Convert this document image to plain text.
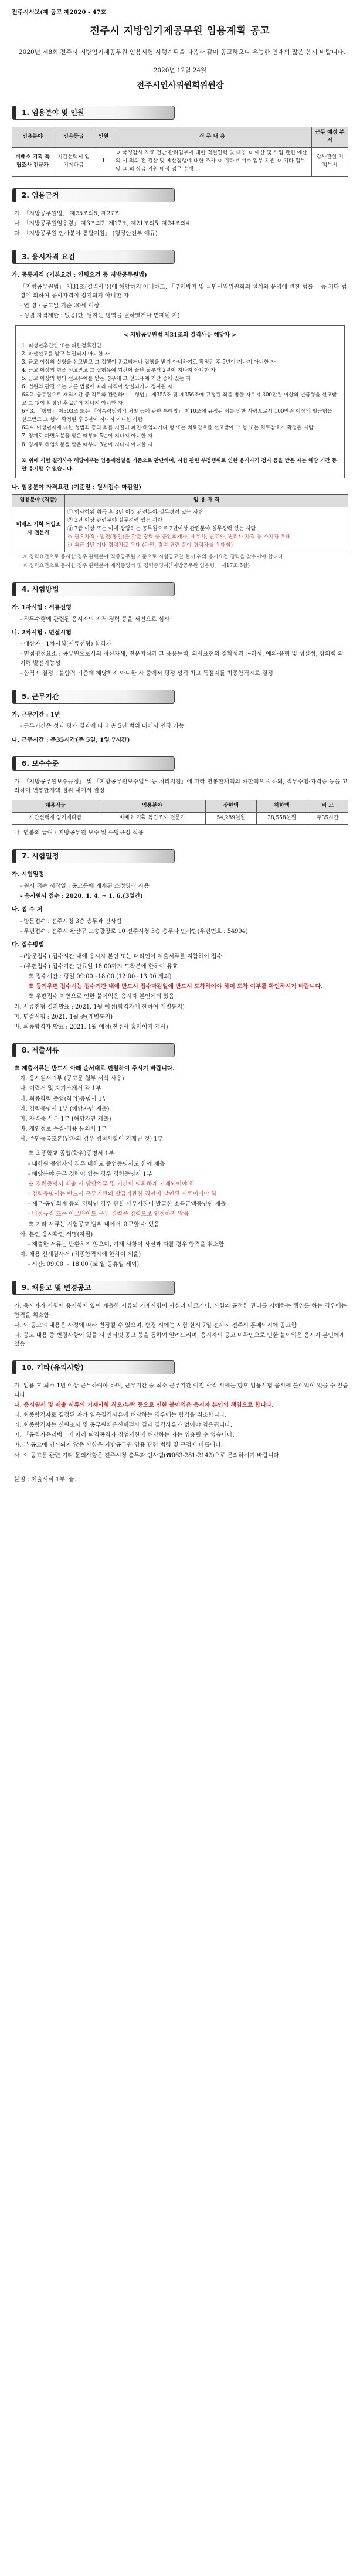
전주시시보(제 공고 제2020 - 47호
전주시 지방임기제공무원 임용계획 공고
2020년 제8회 전주시 지방임기제공무원 임용시험 시행계획을 다음과 같이 공고하오니 유능한 인재의 많은 응시 바랍니다.
2020년 12월 24일
전주시인사위원회위원장
1. 임용분야 및 인원
임용분야	임용등급	인원	직 무 내 용	근무 예정 부서
비배소 기획 독립조사 전문가	시간선택제 임기제다급	1	ㅇ 국정감사 자료 전반 관리업무에 대한 적절인력 및 대응 ㅇ 예산 및 사업 관련 예산의 시·의회 전 결산 및 예산집행에 대한 조사 ㅇ 기타 비배소 업무 지원 ㅇ 기타 업무 및 그 외 상급 지원 배정 업무 수행	감사관실 기획부서
2. 임용근거
가. 「지방공무원법」 제25조의5, 제27조
나. 「지방공무원임용령」 제3조의2, 제17조, 제21조의5, 제24조의4
다. 「지방공무원 인사분야 통합지침」 (행정안전부 예규)
3. 응시자격 요건
가. 공통자격 (기본요건 : 연령요건 등 지방공무원법)
「지방공무원법」 제31조(결격사유)에 해당하지 아니하고, 「부패방지 및 국민권익위원회의 설치와 운영에 관한 법률」 등 기타 법령에 의하여 응시자격이 정지되지 아니한 자
- 연 령 : 공고일 기준 20세 이상
- 성별 자격제한 : 없음(단, 남자는 병역을 필하였거나 면제된 자)
< 지방공무원법 제31조의 결격사유 해당자 >
1. 피성년후견인 또는 피한정후견인
2. 파산선고를 받고 복권되지 아니한 자
3. 금고 이상의 실형을 선고받고 그 집행이 종료되거나 집행을 받지 아니하기로 확정된 후 5년이 지나지 아니한 자
4. 금고 이상의 형을 선고받고 그 집행유예 기간이 끝난 날부터 2년이 지나지 아니한 자
5. 금고 이상의 형의 선고유예를 받은 경우에 그 선고유예 기간 중에 있는 자
6. 법원의 판결 또는 다른 법률에 따라 자격이 상실되거나 정지된 자
6의2. 공무원으로 재직기간 중 직무와 관련하여 「형법」 제355조 및 제356조에 규정된 죄를 범한 자로서 300만원 이상의 벌금형을 선고받고 그 형이 확정된 후 2년이 지나지 아니한 자
6의3. 「형법」 제303조 또는 「성폭력범죄의 처벌 등에 관한 특례법」 제10조에 규정된 죄를 범한 사람으로서 100만원 이상의 벌금형을 선고받고 그 형이 확정된 후 3년이 지나지 아니한 사람
6의4. 미성년자에 대한 성범죄 등의 죄를 저질러 파면·해임되거나 형 또는 치료감호를 선고받아 그 형 또는 치료감호가 확정된 사람
7. 징계로 파면처분을 받은 때부터 5년이 지나지 아니한 자
8. 징계로 해임처분을 받은 때부터 3년이 지나지 아니한 자
※ 위에 시험 결격사유 해당여부는 임용예정일을 기준으로 판단하며, 시험 관련 부정행위로 인한 응시자격 정지 등을 받은 자는 해당 기간 동안 응시할 수 없습니다.
나. 임용분야 자격요건 (기준일 : 원서접수 마감일)
임용분야 (직급)	임 용 자 격
비배소 기획 독립조사 전문가	① 학사학위 취득 후 3년 이상 관련분야 실무경력 있는 사람
② 3년 이상 관련분야 실무경력 있는 사람
③ 7급 이상 또는 이에 상당하는 공무원으로 2년이상 관련분야 실무경력 있는 사람
※ 필요자격 : 법인(동일)을 갖춘 경력 중 공인회계사, 세무사, 변호사, 변리사 자격 등 소지자 우대
※ 최근 4년 이내 경력자로 우대 (다만, 경력 관련 분야 경력자를 우대함)
※ 경력요건으로 응시할 경우 관련분야 직종공무원 기준으로 시험공고일 현재 위의 응시요건 경력을 갖추어야 합니다.
※ 경력요건으로 응시한 경우 관련분야 재직증명서 및 경력증명서(「지방공무원 임용령」 제17조 5항)
4. 시험방법
가. 1차시험 : 서류전형
- 직무수행에 관련된 응시자의 자격·경력 등을 서면으로 심사
나. 2차시험 : 면접시험
- 대상자 : 1차시험(서류전형) 합격자
- 면접평정요소 : 공무원으로서의 정신자세, 전문지식과 그 응용능력, 의사표현의 정확성과 논리성, 예의·품행 및 성실성, 창의력·의지력·발전가능성
- 합격자 결정 : 불합격 기준에 해당하지 아니한 자 중에서 평정 성적 최고 득점자를 최종합격자로 결정
5. 근무기간
가. 근무기간 : 1년
- 근무기간은 성과 평가 결과에 따라 총 5년 범위 내에서 연장 가능
나. 근무시간 : 주35시간(주 5일, 1일 7시간)
6. 보수수준
가. 「지방공무원보수규정」 및 「지방공무원보수업무 등 처리지침」에 따라 연봉한계액의 하한액으로 하되, 직무수행·자격증 등을 고려하여 연봉한계액 범위 내에서 결정
채용직급	임용분야	상한액	하한액	비 고
시간선택제 임기제다급	비배소 기획 독립조사 전문가	54,289천원	38,558천원	주35시간
나. 연봉외 급여 : 지방공무원 보수 및 수당규정 적용
7. 시험일정
가. 시험일정
- 원서 접수 시작일 : 공고문에 게재된 소정양식 사용
- 응시원서 접수 : 2020. 1. 4. ~ 1. 6.(3일간)
나. 접 수 처
- 방문접수 : 전주시청 3층 총무과 인사팀
- 우편접수 : 전주시 완산구 노송광장로 10 전주시청 3층 총무과 인사팀(우편번호 : 54994)
다. 접수방법
- (방문접수) 접수시간 내에 응시자 본인 또는 대리인이 제출서류를 지참하여 접수
- (우편접수) 접수기간 만료일 18:00까지 도착분에 한하여 유효
※ 접수시간 : 평일 09:00~18:00 (12:00~13:00 제외)
※ 등기우편 접수시는 접수기간 내에 반드시 접수마감일에 반드시 도착하여야 하며 도착 여부를 확인하시기 바랍니다.
※ 우편접수 지연으로 인한 불이익은 응시자 본인에게 있음
라. 서류전형 결과발표 : 2021. 1월 예정(합격자에 한하여 개별통지)
마. 면접시험 : 2021. 1월 중(개별통지)
바. 최종합격자 발표 : 2021. 1월 예정(전주시 홈페이지 게시)
8. 제출서류
※ 제출서류는 반드시 아래 순서대로 편철하여 주시기 바랍니다.
가. 응시원서 1부 (공고문 첨부 서식 사용)
나. 이력서 및 자기소개서 각 1부
다. 최종학력 졸업(학위)증명서 1부
라. 경력증명서 1부 (해당자만 제출)
마. 자격증 사본 1부 (해당자만 제출)
바. 개인정보 수집·이용 동의서 1부
사. 주민등록초본(남자의 경우 병적사항이 기재된 것) 1부
※ 최종학교 졸업(학위)증명서 1부
- 대학원 졸업자의 경우 대학교 졸업증명서도 함께 제출
- 해당분야 근무 경력이 있는 경우 경력증명서 1부
※ 경력증명서 제출 시 담당업무 및 기간이 명확하게 기재되어야 함
- 경력증명서는 반드시 근무기관의 발급기관장 직인이 날인된 서류이어야 함
- 세무·공인회계 등의 경력인 경우 관할 세무서장이 발급한 소득금액증명원 제출
- 비정규직 또는 아르바이트 근무 경력은 경력으로 인정하지 않음
※ 기타 서류는 시험공고 범위 내에서 요구할 수 있음
아. 본인 응시확인 서명(자필)
- 제출한 서류는 반환하지 않으며, 기재 사항이 사실과 다를 경우 합격을 취소함
자. 채용 신체검사서 (최종합격자에 한하여 제출)
- 시간: 09:00 ~ 18:00 (토·일·공휴일 제외)
9. 채용고 및 변경공고
가. 응시자가 시험에 응시함에 있어 제출한 서류의 기재사항이 사실과 다르거나, 시험의 공정한 관리를 저해하는 행위를 하는 경우에는 합격을 취소함
나. 이 공고의 내용은 사정에 따라 변경될 수 있으며, 변경 시에는 시험 실시 7일 전까지 전주시 홈페이지에 공고함
다. 공고 내용 중 변경사항이 있을 시 인터넷 공고 등을 통하여 알려드리며, 응시자의 공고 미확인으로 인한 불이익은 응시자 본인에게 있음
10. 기타(유의사항)
가. 임용 후 최소 1년 이상 근무하여야 하며, 근무기간 중 최소 근무기간 이전 사직 시에는 향후 임용시험 응시에 불이익이 있을 수 있습니다.
나. 응시원서 및 제출 서류의 기재사항 착오·누락 등으로 인한 불이익은 응시자 본인의 책임으로 합니다.
다. 최종합격자로 결정된 자가 임용결격사유에 해당하는 경우에는 합격을 취소합니다.
라. 최종합격자는 신원조사 및 공무원채용신체검사 결과 결격사유가 없어야 임용됩니다.
마. 「공직자윤리법」에 따라 퇴직공직자 취업제한에 해당하는 자는 임용될 수 없습니다.
바. 본 공고에 명시되지 않은 사항은 지방공무원 임용 관련 법령 및 규정에 따릅니다.
사. 이 공고문 관련 기타 문의사항은 전주시청 총무과 인사팀(☎063-281-2142)으로 문의하시기 바랍니다.
붙임 : 제출서식 1부. 끝.
